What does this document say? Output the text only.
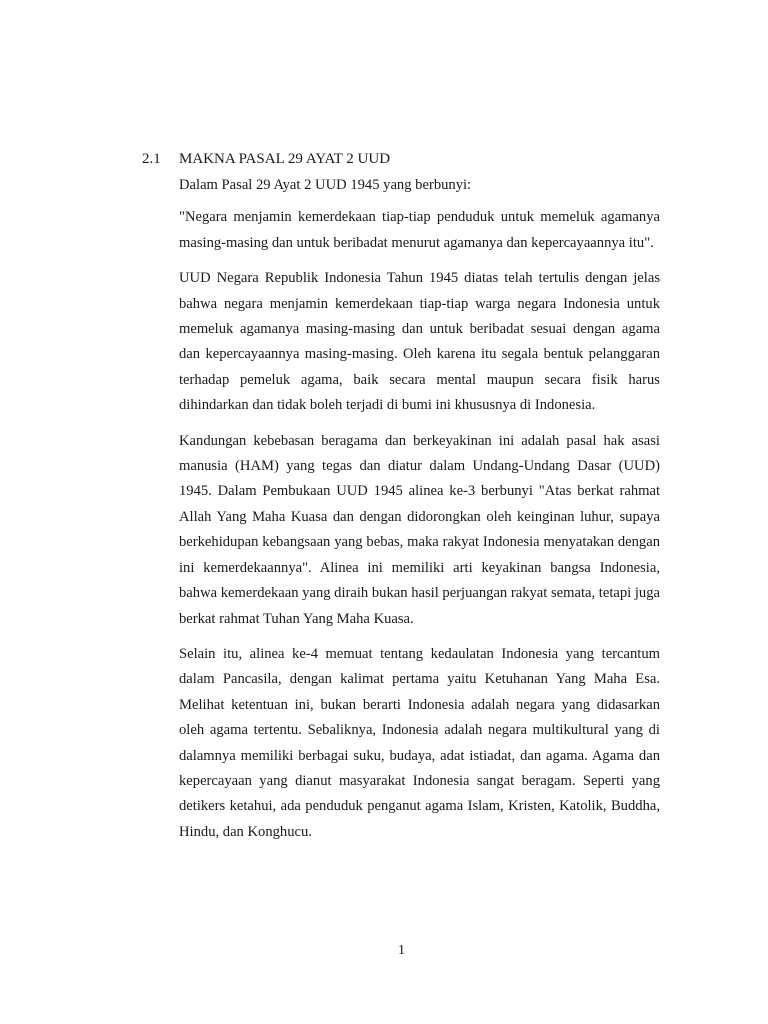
2.1 MAKNA PASAL 29 AYAT 2 UUD

Dalam Pasal 29 Ayat 2 UUD 1945 yang berbunyi:

"Negara menjamin kemerdekaan tiap-tiap penduduk untuk memeluk agamanya masing-masing dan untuk beribadat menurut agamanya dan kepercayaannya itu".

UUD Negara Republik Indonesia Tahun 1945 diatas telah tertulis dengan jelas bahwa negara menjamin kemerdekaan tiap-tiap warga negara Indonesia untuk memeluk agamanya masing-masing dan untuk beribadat sesuai dengan agama dan kepercayaannya masing-masing. Oleh karena itu segala bentuk pelanggaran terhadap pemeluk agama, baik secara mental maupun secara fisik harus dihindarkan dan tidak boleh terjadi di bumi ini khususnya di Indonesia.

Kandungan kebebasan beragama dan berkeyakinan ini adalah pasal hak asasi manusia (HAM) yang tegas dan diatur dalam Undang-Undang Dasar (UUD) 1945. Dalam Pembukaan UUD 1945 alinea ke-3 berbunyi "Atas berkat rahmat Allah Yang Maha Kuasa dan dengan didorongkan oleh keinginan luhur, supaya berkehidupan kebangsaan yang bebas, maka rakyat Indonesia menyatakan dengan ini kemerdekaannya". Alinea ini memiliki arti keyakinan bangsa Indonesia, bahwa kemerdekaan yang diraih bukan hasil perjuangan rakyat semata, tetapi juga berkat rahmat Tuhan Yang Maha Kuasa.

Selain itu, alinea ke-4 memuat tentang kedaulatan Indonesia yang tercantum dalam Pancasila, dengan kalimat pertama yaitu Ketuhanan Yang Maha Esa. Melihat ketentuan ini, bukan berarti Indonesia adalah negara yang didasarkan oleh agama tertentu. Sebaliknya, Indonesia adalah negara multikultural yang di dalamnya memiliki berbagai suku, budaya, adat istiadat, dan agama. Agama dan kepercayaan yang dianut masyarakat Indonesia sangat beragam. Seperti yang detikers ketahui, ada penduduk penganut agama Islam, Kristen, Katolik, Buddha, Hindu, dan Konghucu.

1
